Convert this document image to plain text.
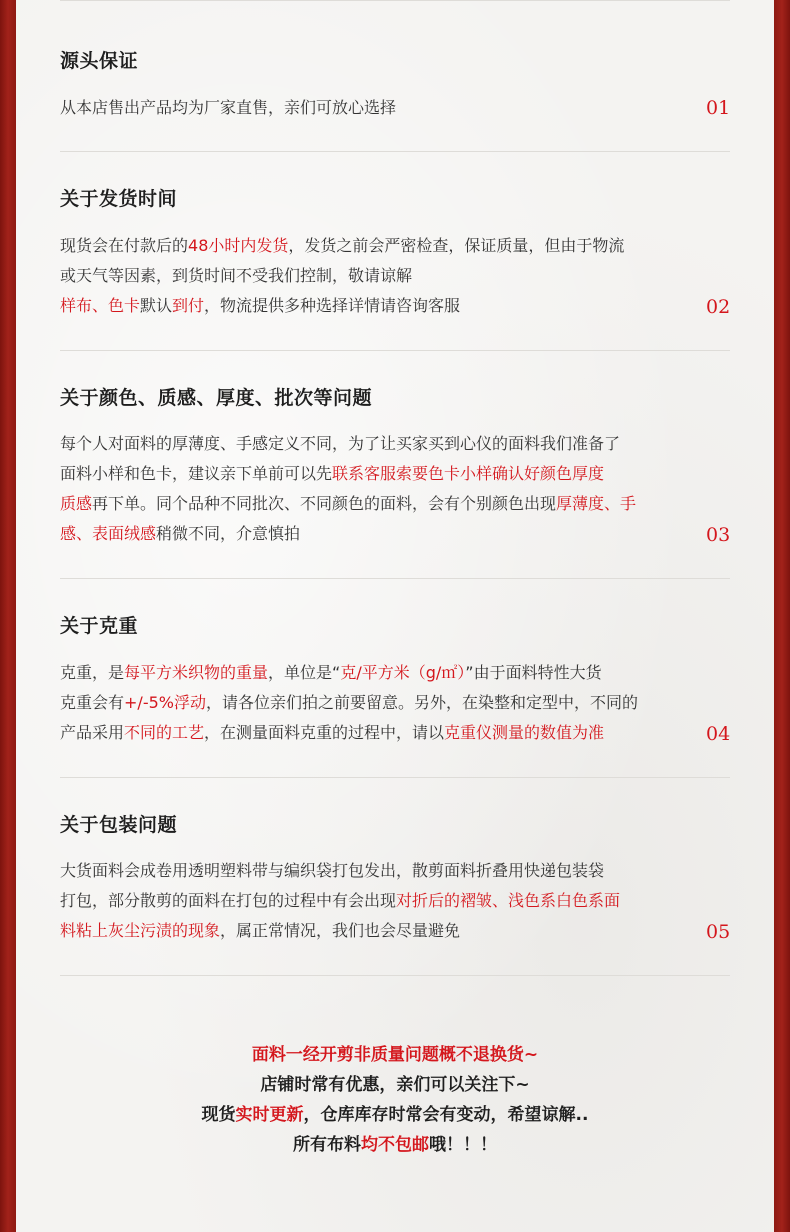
源头保证
从本店售出产品均为厂家直售，亲们可放心选择	01
关于发货时间
现货会在付款后的48小时内发货，发货之前会严密检查，保证质量，但由于物流
或天气等因素，到货时间不受我们控制，敬请谅解
样布、色卡默认到付，物流提供多种选择详情请咨询客服	02
关于颜色、质感、厚度、批次等问题
每个人对面料的厚薄度、手感定义不同，为了让买家买到心仪的面料我们准备了
面料小样和色卡，建议亲下单前可以先联系客服索要色卡小样确认好颜色厚度
质感再下单。同个品种不同批次、不同颜色的面料，会有个别颜色出现厚薄度、手
感、表面绒感稍微不同，介意慎拍	03
关于克重
克重，是每平方米织物的重量，单位是“克/平方米（g/㎡）”由于面料特性大货
克重会有+/-5%浮动，请各位亲们拍之前要留意。另外，在染整和定型中，不同的
产品采用不同的工艺，在测量面料克重的过程中，请以克重仪测量的数值为准	04
关于包装问题
大货面料会成卷用透明塑料带与编织袋打包发出，散剪面料折叠用快递包装袋
打包，部分散剪的面料在打包的过程中有会出现对折后的褶皱、浅色系白色系面
料粘上灰尘污渍的现象，属正常情况，我们也会尽量避免	05

面料一经开剪非质量问题概不退换货~

店铺时常有优惠，亲们可以关注下~

现货实时更新，仓库库存时常会有变动，希望谅解..

所有布料均不包邮哦！！！
